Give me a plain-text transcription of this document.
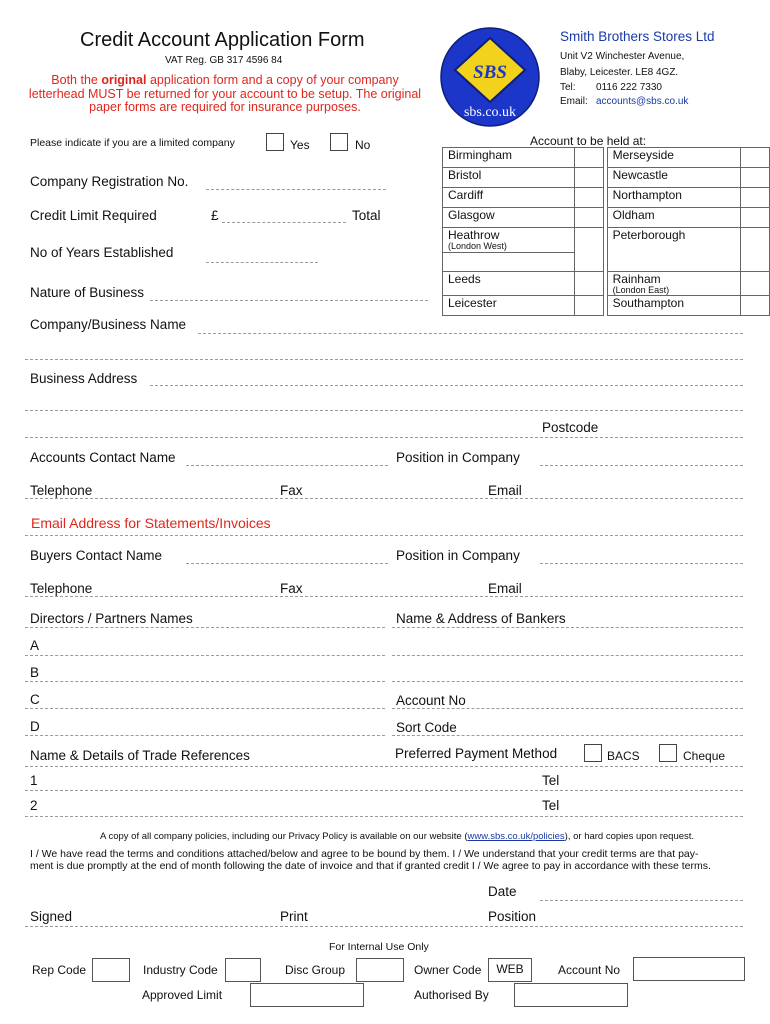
Credit Account Application Form
VAT Reg. GB 317 4596 84
Both the original application form and a copy of your company letterhead MUST be returned for your account to be setup. The original paper forms are required for insurance purposes.
SBS
sbs.co.uk
Smith Brothers Stores Ltd
Unit V2 Winchester Avenue,
Blaby, Leicester. LE8 4GZ.
Tel: 0116 222 7330
Email: accounts@sbs.co.uk
Please indicate if you are a limited company	Yes	No	Account to be held at:
Birmingham			Merseyside	
Bristol			Newcastle	
Cardiff			Northampton	
Glasgow			Oldham	
Heathrow
(London West)			Peterborough	

Leeds			Rainham
(London East)	

Leicester			Southampton	
Company Registration No.
Credit Limit Required	£	Total
No of Years Established
Nature of Business
Company/Business Name
Business Address
Postcode
Accounts Contact Name	Position in Company
Telephone	Fax	Email
Email Address for Statements/Invoices
Buyers Contact Name	Position in Company
Telephone	Fax	Email
Directors / Partners Names	Name & Address of Bankers
A
B
C	Account No
D	Sort Code
Name & Details of Trade References	Preferred Payment Method	BACS	Cheque
1	Tel
2	Tel
A copy of all company policies, including our Privacy Policy is available on our website (www.sbs.co.uk/policies), or hard copies upon request.
I / We have read the terms and conditions attached/below and agree to be bound by them. I / We understand that your credit terms are that pay-
ment is due promptly at the end of month following the date of invoice and that if granted credit I / We agree to pay in accordance with these terms.
Date
Signed	Print	Position
For Internal Use Only
Rep Code	Industry Code	Disc Group	Owner Code	WEB	Account No
Approved Limit	Authorised By
